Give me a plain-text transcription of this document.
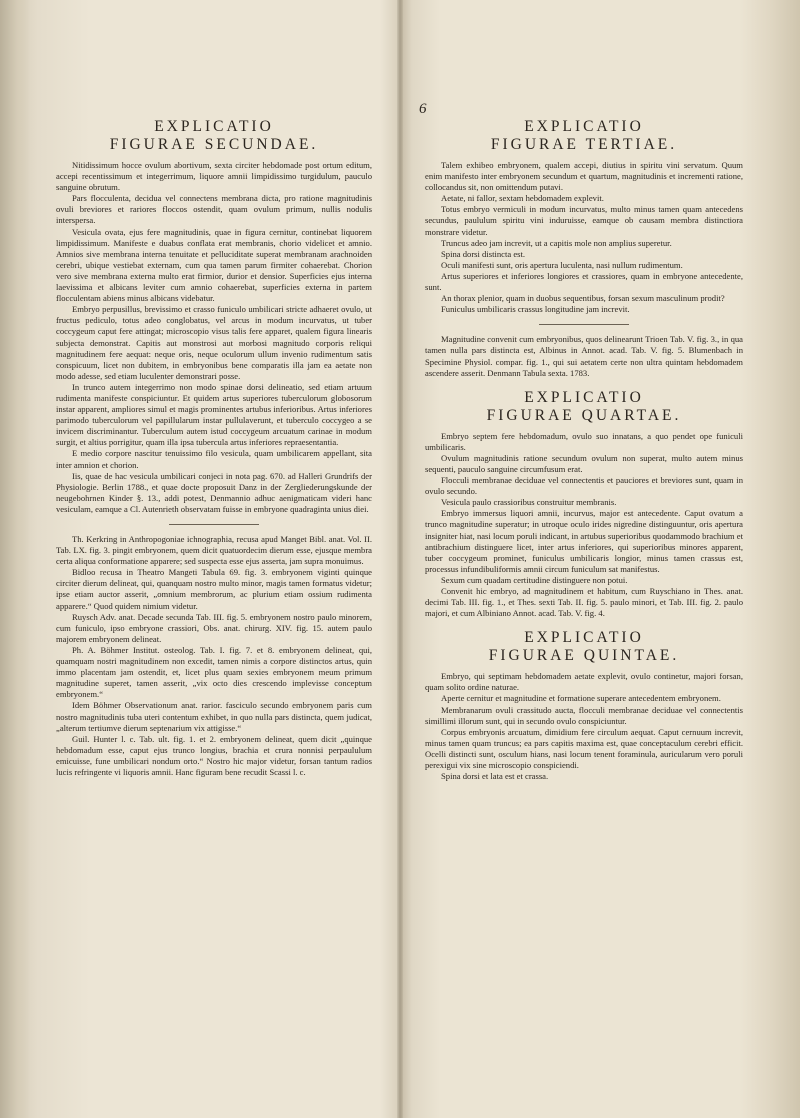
6
EXPLICATIO
FIGURAE SECUNDAE.

Nitidissimum hocce ovulum abortivum, sexta circiter hebdomade post ortum editum, accepi recentissimum et integerrimum, liquore amnii limpidissimo turgidulum, pauculo sanguine obrutum.

Pars flocculenta, decidua vel connectens membrana dicta, pro ratione magnitudinis ovuli breviores et rariores floccos ostendit, quam ovulum primum, nullis nodulis interspersa.

Vesicula ovata, ejus fere magnitudinis, quae in figura cernitur, continebat liquorem limpidissimum. Manifeste e duabus conflata erat membranis, chorio videlicet et amnio. Amnios sive membrana interna tenuitate et pelluciditate superat membranam arachnoiden cerebri, ubique vestiebat externam, cum qua tamen parum firmiter cohaerebat. Chorion vero sive membrana externa multo erat firmior, durior et densior. Superficies ejus interna laevissima et albicans leviter cum amnio cohaerebat, superficies externa in partem flocculentam abiens minus albicans videbatur.

Embryo perpusillus, brevissimo et crasso funiculo umbilicari stricte adhaeret ovulo, ut fructus pediculo, totus adeo conglobatus, vel arcus in modum incurvatus, ut tuber coccygeum caput fere attingat; microscopio visus talis fere apparet, qualem figura linearis subjecta demonstrat. Capitis aut monstrosi aut morbosi magnitudo corporis reliqui magnitudinem fere aequat: neque oris, neque oculorum ullum invenio rudimentum satis conspicuum, licet non dubitem, in embryonibus bene comparatis illa jam ea aetate non modo adesse, sed etiam luculenter demonstrari posse.

In trunco autem integerrimo non modo spinae dorsi delineatio, sed etiam artuum rudimenta manifeste conspiciuntur. Et quidem artus superiores tuberculorum globosorum instar apparent, ampliores simul et magis prominentes artubus inferioribus. Artus inferiores parimodo tuberculorum vel papillularum instar pullulaverunt, et tuberculo coccygeo a se invicem discriminantur. Tuberculum autem istud coccygeum arcuatum carinae in modum surgit, et altius porrigitur, quam illa ipsa tubercula artus inferiores repraesentantia.

E medio corpore nascitur tenuissimo filo vesicula, quam umbilicarem appellant, sita inter amnion et chorion.

Iis, quae de hac vesicula umbilicari conjeci in nota pag. 670. ad Halleri Grundrifs der Physiologie. Berlin 1788., et quae docte proposuit Danz in der Zergliederungskunde der neugebohrnen Kinder §. 13., addi potest, Denmannio adhuc aenigmaticam videri hanc vesiculam, eamque a Cl. Autenrieth observatam fuisse in embryone quadraginta unius diei.

Th. Kerkring in Anthropogoniae ichnographia, recusa apud Manget Bibl. anat. Vol. II. Tab. LX. fig. 3. pingit embryonem, quem dicit quatuordecim dierum esse, ejusque membra certa aliqua conformatione apparere; sed suspecta esse ejus asserta, jam supra monuimus.

Bidloo recusa in Theatro Mangeti Tabula 69. fig. 3. embryonem viginti quinque circiter dierum delineat, qui, quanquam nostro multo minor, magis tamen formatus videtur; ipse etiam auctor asserit, „omnium membrorum, ac plurium etiam ossium rudimenta apparere.“ Quod quidem nimium videtur.

Ruysch Adv. anat. Decade secunda Tab. III. fig. 5. embryonem nostro paulo minorem, cum funiculo, ipso embryone crassiori, Obs. anat. chirurg. XIV. fig. 15. autem paulo majorem embryonem delineat.

Ph. A. Böhmer Institut. osteolog. Tab. I. fig. 7. et 8. embryonem delineat, qui, quamquam nostri magnitudinem non excedit, tamen nimis a corpore distinctos artus, quin immo placentam jam ostendit, et, licet plus quam sexies embryonem meum primum magnitudine superet, tamen asserit, „vix octo dies crescendo implevisse conceptum embryonem.“

Idem Böhmer Observationum anat. rarior. fasciculo secundo embryonem paris cum nostro magnitudinis tuba uteri contentum exhibet, in quo nulla pars distincta, quem judicat, „alterum tertiumve dierum septenarium vix attigisse.“

Guil. Hunter l. c. Tab. ult. fig. 1. et 2. embryonem delineat, quem dicit „quinque hebdomadum esse, caput ejus trunco longius, brachia et crura nonnisi perpaululum emicuisse, fune umbilicari nondum orto.“ Nostro hic major videtur, forsan tantum radios lucis refringente vi liquoris amnii. Hanc figuram bene recudit Scassi l. c.

EXPLICATIO
FIGURAE TERTIAE.

Talem exhibeo embryonem, qualem accepi, diutius in spiritu vini servatum. Quum enim manifesto inter embryonem secundum et quartum, magnitudinis et incrementi ratione, collocandus sit, non omittendum putavi.

Aetate, ni fallor, sextam hebdomadem explevit.

Totus embryo vermiculi in modum incurvatus, multo minus tamen quam antecedens secundus, paululum spiritu vini induruisse, eamque ob causam membra distinctiora monstrare videtur.

Truncus adeo jam increvit, ut a capitis mole non amplius superetur.

Spina dorsi distincta est.

Oculi manifesti sunt, oris apertura luculenta, nasi nullum rudimentum.

Artus superiores et inferiores longiores et crassiores, quam in embryone antecedente, sunt.

An thorax plenior, quam in duobus sequentibus, forsan sexum masculinum prodit?

Funiculus umbilicaris crassus longitudine jam increvit.

Magnitudine convenit cum embryonibus, quos delinearunt Trioen Tab. V. fig. 3., in qua tamen nulla pars distincta est, Albinus in Annot. acad. Tab. V. fig. 5. Blumenbach in Specimine Physiol. compar. fig. 1., qui sui aetatem certe non ultra quintam hebdomadem ascendere asserit. Denmann Tabula sexta. 1783.

EXPLICATIO
FIGURAE QUARTAE.

Embryo septem fere hebdomadum, ovulo suo innatans, a quo pendet ope funiculi umbilicaris.

Ovulum magnitudinis ratione secundum ovulum non superat, multo autem minus sequenti, pauculo sanguine circumfusum erat.

Flocculi membranae deciduae vel connectentis et pauciores et breviores sunt, quam in ovulo secundo.

Vesicula paulo crassioribus construitur membranis.

Embryo immersus liquori amnii, incurvus, major est antecedente. Caput ovatum a trunco magnitudine superatur; in utroque oculo irides nigredine distinguuntur, oris apertura insigniter hiat, nasi locum poruli indicant, in artubus superioribus quodammodo brachium et antibrachium distinguere licet, inter artus inferiores, qui superioribus minores apparent, tuber coccygeum prominet, funiculus umbilicaris longior, minus tamen crassus est, processus infundibuliformis amnii circum funiculum sat manifestus.

Sexum cum quadam certitudine distinguere non potui.

Convenit hic embryo, ad magnitudinem et habitum, cum Ruyschiano in Thes. anat. decimi Tab. III. fig. 1., et Thes. sexti Tab. II. fig. 5. paulo minori, et Tab. III. fig. 2. paulo majori, et cum Albiniano Annot. acad. Tab. V. fig. 4.

EXPLICATIO
FIGURAE QUINTAE.

Embryo, qui septimam hebdomadem aetate explevit, ovulo continetur, majori forsan, quam solito ordine naturae.

Aperte cernitur et magnitudine et formatione superare antecedentem embryonem.

Membranarum ovuli crassitudo aucta, flocculi membranae deciduae vel connectentis simillimi illorum sunt, qui in secundo ovulo conspiciuntur.

Corpus embryonis arcuatum, dimidium fere circulum aequat. Caput cernuum increvit, minus tamen quam truncus; ea pars capitis maxima est, quae conceptaculum cerebri efficit. Ocelli distincti sunt, osculum hians, nasi locum tenent foraminula, auricularum vero poruli perexigui vix sine microscopio conspiciendi.

Spina dorsi et lata est et crassa.
